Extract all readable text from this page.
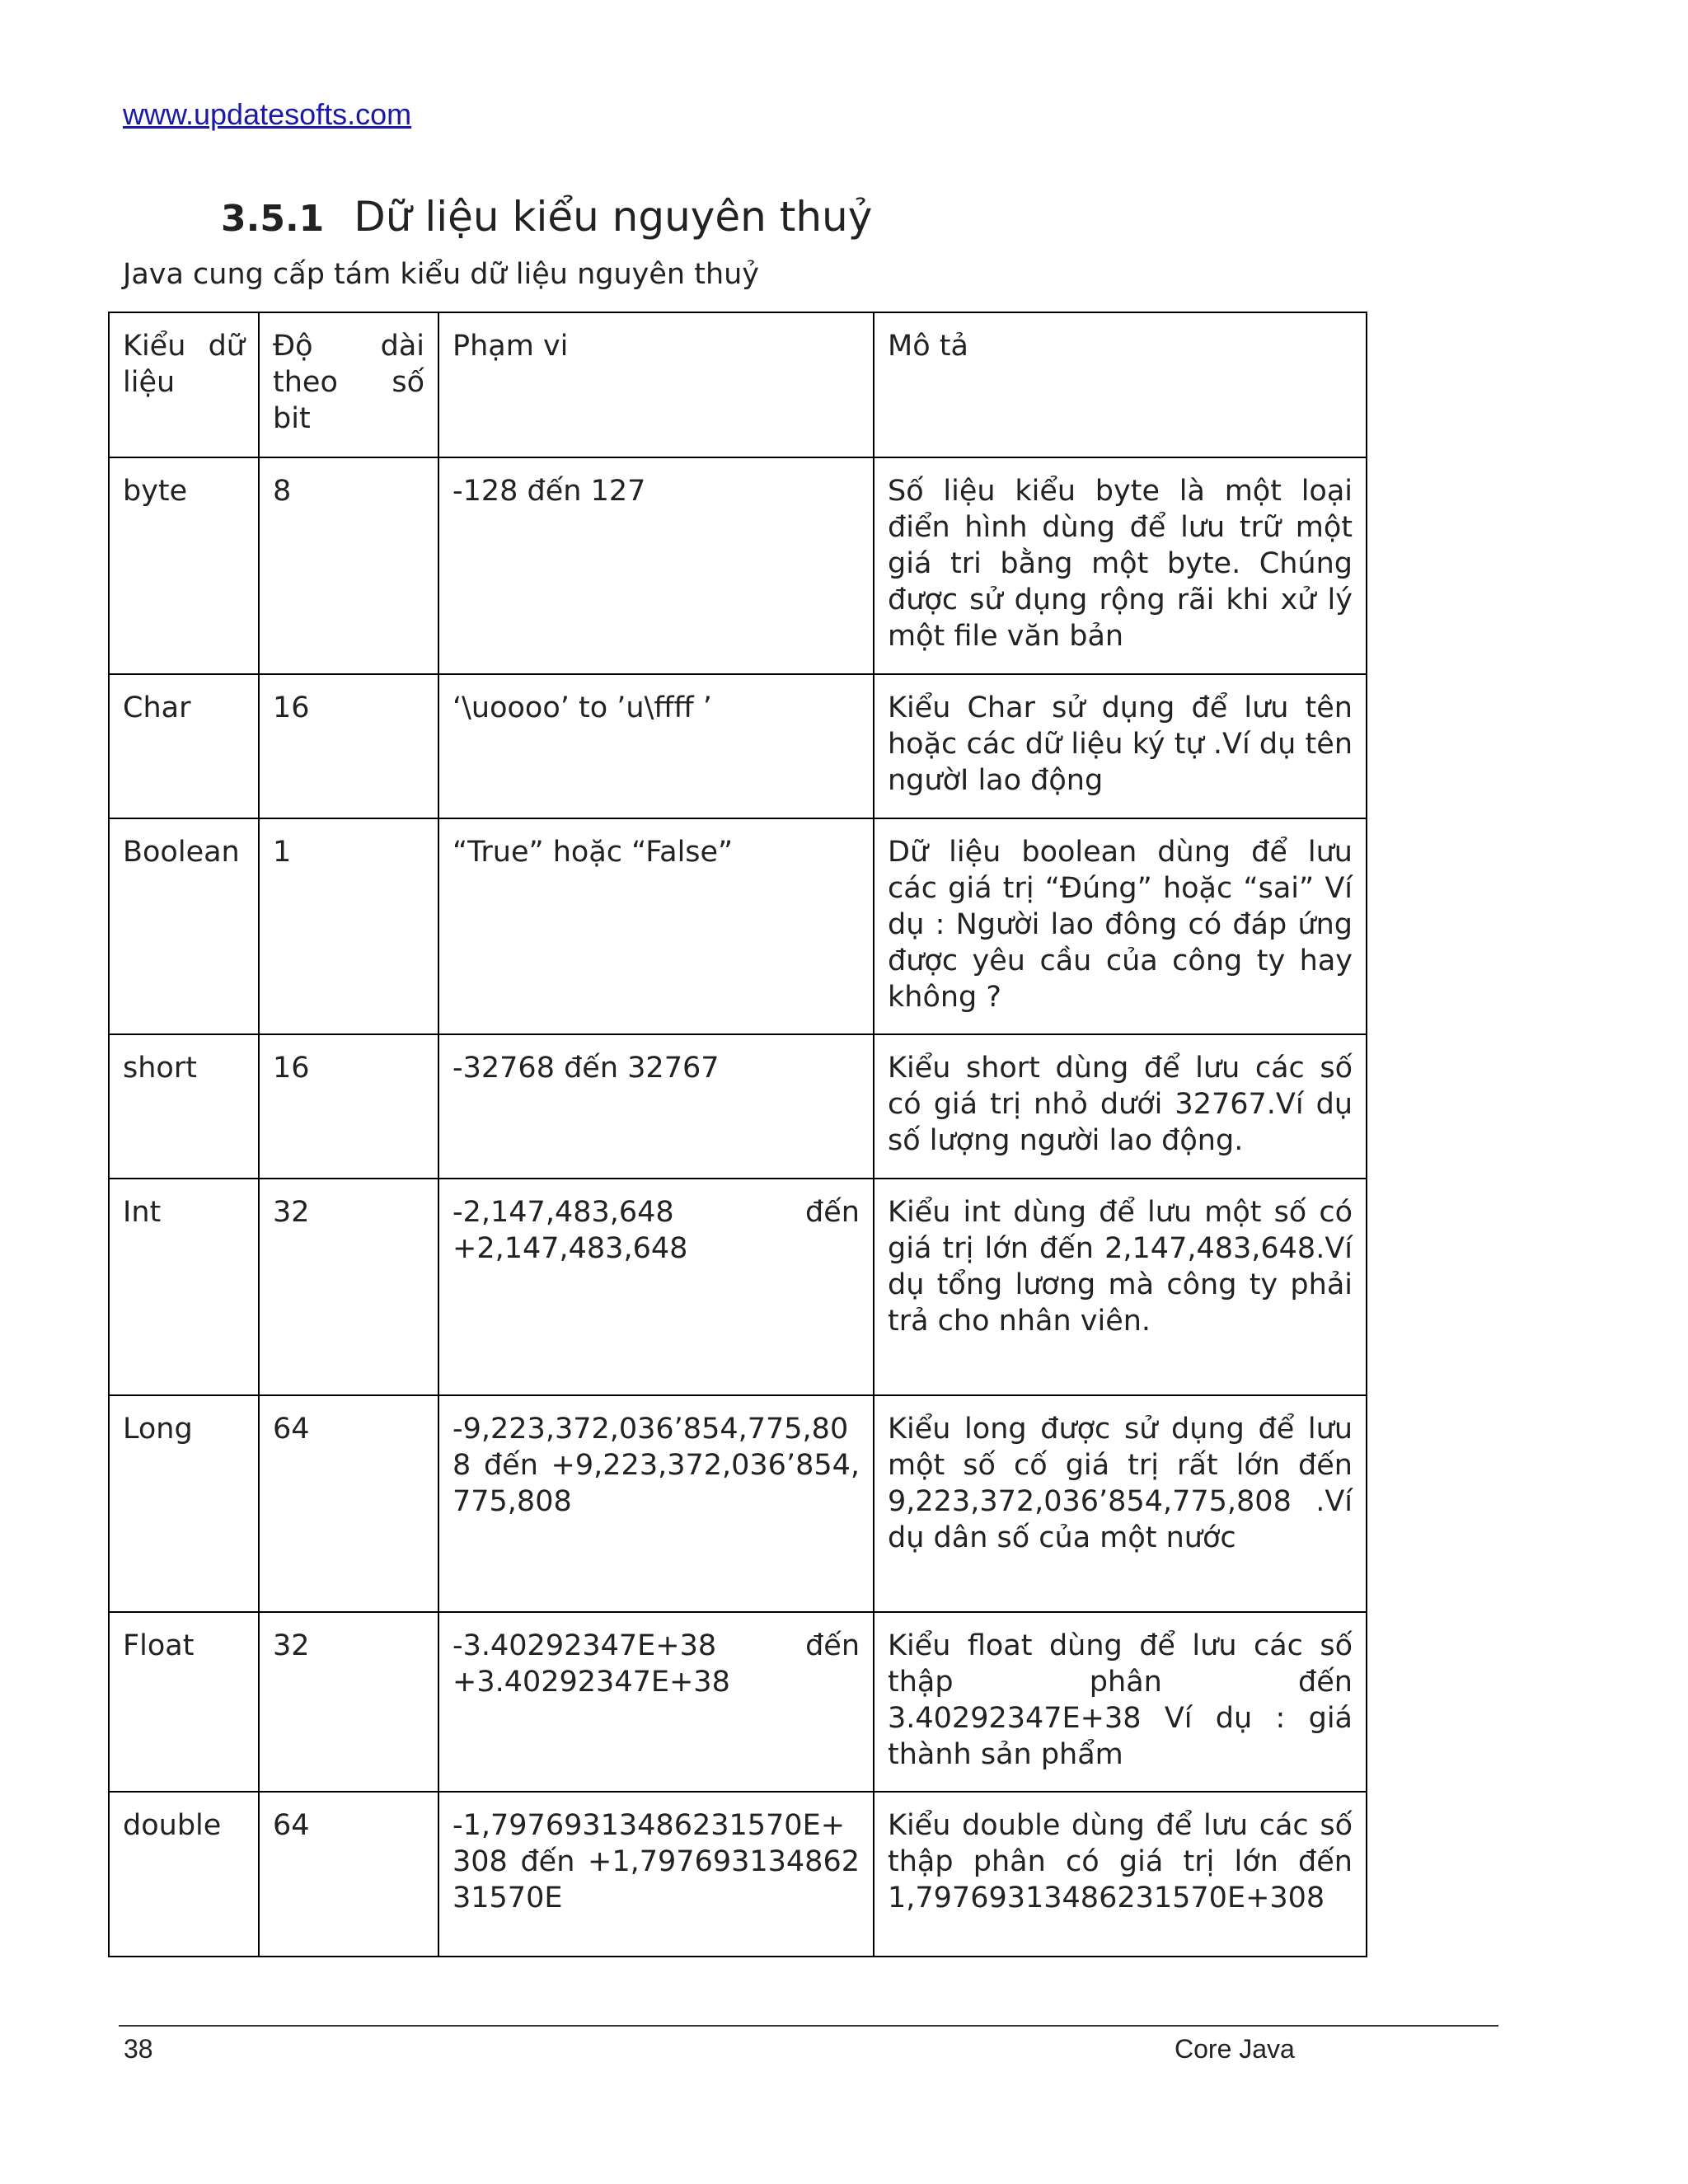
www.updatesofts.com
3.5.1 Dữ liệu kiểu nguyên thuỷ
Java cung cấp tám kiểu dữ liệu nguyên thuỷ
Kiểu dữ liệu	Độ dài theo số bit	Phạm vi	Mô tả
byte	8	-128 đến 127	Số liệu kiểu byte là một loại điển hình dùng để lưu trữ một giá tri bằng một byte. Chúng được sử dụng rộng rãi khi xử lý một file văn bản
Char	16	‘\uoooo’ to ’u\ffff ’	Kiểu Char sử dụng để lưu tên hoặc các dữ liệu ký tự .Ví dụ tên ngườI lao động
Boolean	1	“True” hoặc “False”	Dữ liệu boolean dùng để lưu các giá trị “Đúng” hoặc “sai” Ví dụ : Người lao đông có đáp ứng được yêu cầu của công ty hay không ?
short	16	-32768 đến 32767	Kiểu short dùng để lưu các số có giá trị nhỏ dưới 32767.Ví dụ số lượng người lao động.
Int	32	-2,147,483,648 đến +2,147,483,648	Kiểu int dùng để lưu một số có giá trị lớn đến 2,147,483,648.Ví dụ tổng lương mà công ty phải trả cho nhân viên.
Long	64	-9,223,372,036’854,775,808 đến +9,223,372,036’854,775,808	Kiểu long được sử dụng để lưu một số cố giá trị rất lớn đến 9,223,372,036’854,775,808 .Ví dụ dân số của một nước
Float	32	-3.40292347E+38 đến +3.40292347E+38	Kiểu float dùng để lưu các số thập phân đến 3.40292347E+38 Ví dụ : giá thành sản phẩm
double	64	-1,79769313486231570E+308 đến +1,79769313486231570E	Kiểu double dùng để lưu các số thập phân có giá trị lớn đến 1,79769313486231570E+308
38	Core Java
